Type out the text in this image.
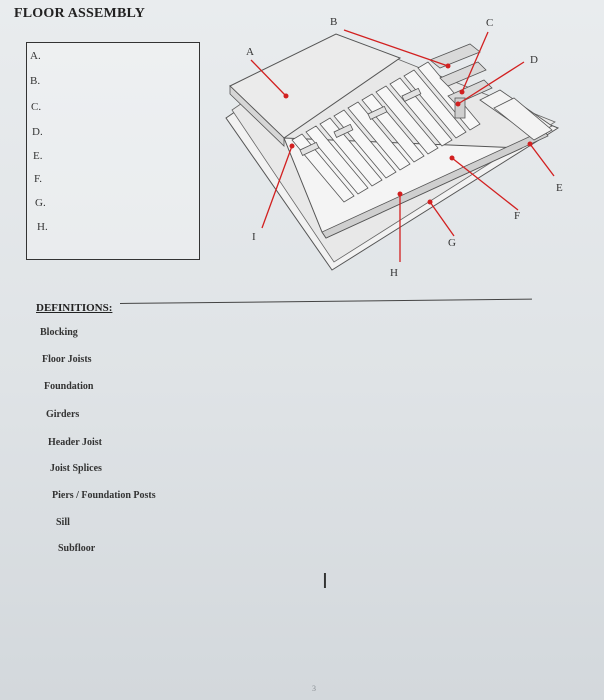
FLOOR ASSEMBLY
A.
B.
C.
D.
E.
F.
G.
H.
A
B	C
D
E
F
G
H
I
DEFINITIONS:
Blocking
Floor Joists
Foundation
Girders
Header Joist
Joist Splices
Piers / Foundation Posts
Sill
Subfloor
I
3
